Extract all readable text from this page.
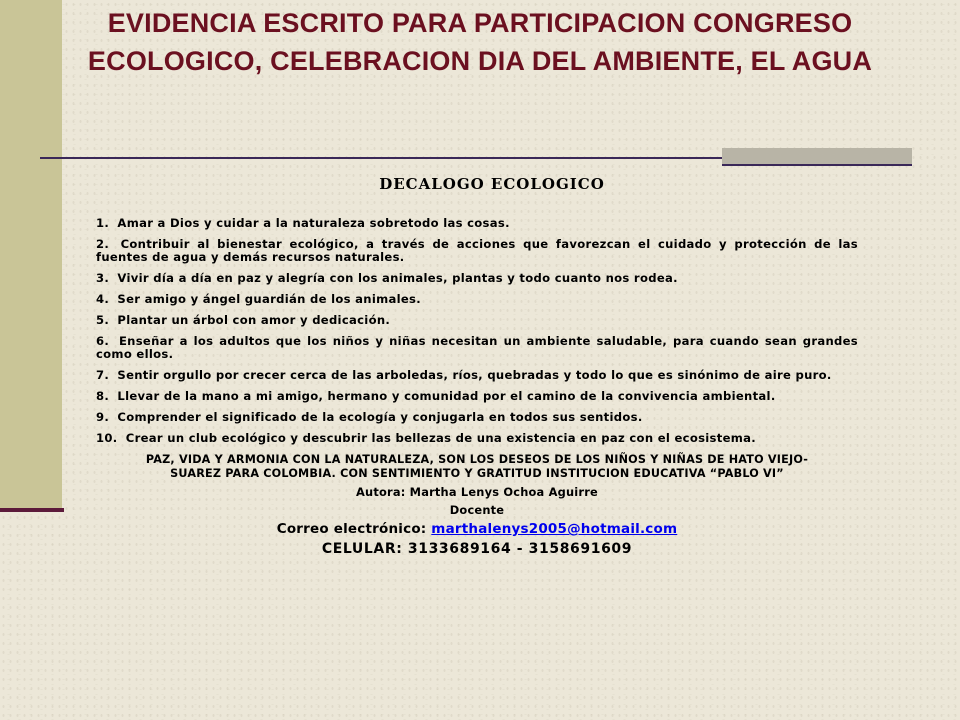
EVIDENCIA ESCRITO PARA PARTICIPACION CONGRESO
ECOLOGICO, CELEBRACION DIA DEL AMBIENTE, EL AGUA
DECALOGO ECOLOGICO
1. Amar a Dios y cuidar a la naturaleza sobretodo las cosas.
2. Contribuir al bienestar ecológico, a través de acciones que favorezcan el cuidado y protección de las fuentes de agua y demás recursos naturales.
3. Vivir día a día en paz y alegría con los animales, plantas y todo cuanto nos rodea.
4. Ser amigo y ángel guardián de los animales.
5. Plantar un árbol con amor y dedicación.
6. Enseñar a los adultos que los niños y niñas necesitan un ambiente saludable, para cuando sean grandes como ellos.
7. Sentir orgullo por crecer cerca de las arboledas, ríos, quebradas y todo lo que es sinónimo de aire puro.
8. Llevar de la mano a mi amigo, hermano y comunidad por el camino de la convivencia ambiental.
9. Comprender el significado de la ecología y conjugarla en todos sus sentidos.
10. Crear un club ecológico y descubrir las bellezas de una existencia en paz con el ecosistema.
PAZ, VIDA Y ARMONIA CON LA NATURALEZA, SON LOS DESEOS DE LOS NIÑOS Y NIÑAS DE HATO VIEJO-SUAREZ PARA COLOMBIA. CON SENTIMIENTO Y GRATITUD INSTITUCION EDUCATIVA “PABLO VI”
Autora: Martha Lenys Ochoa Aguirre
Docente
Correo electrónico: marthalenys2005@hotmail.com
CELULAR: 3133689164 - 3158691609
